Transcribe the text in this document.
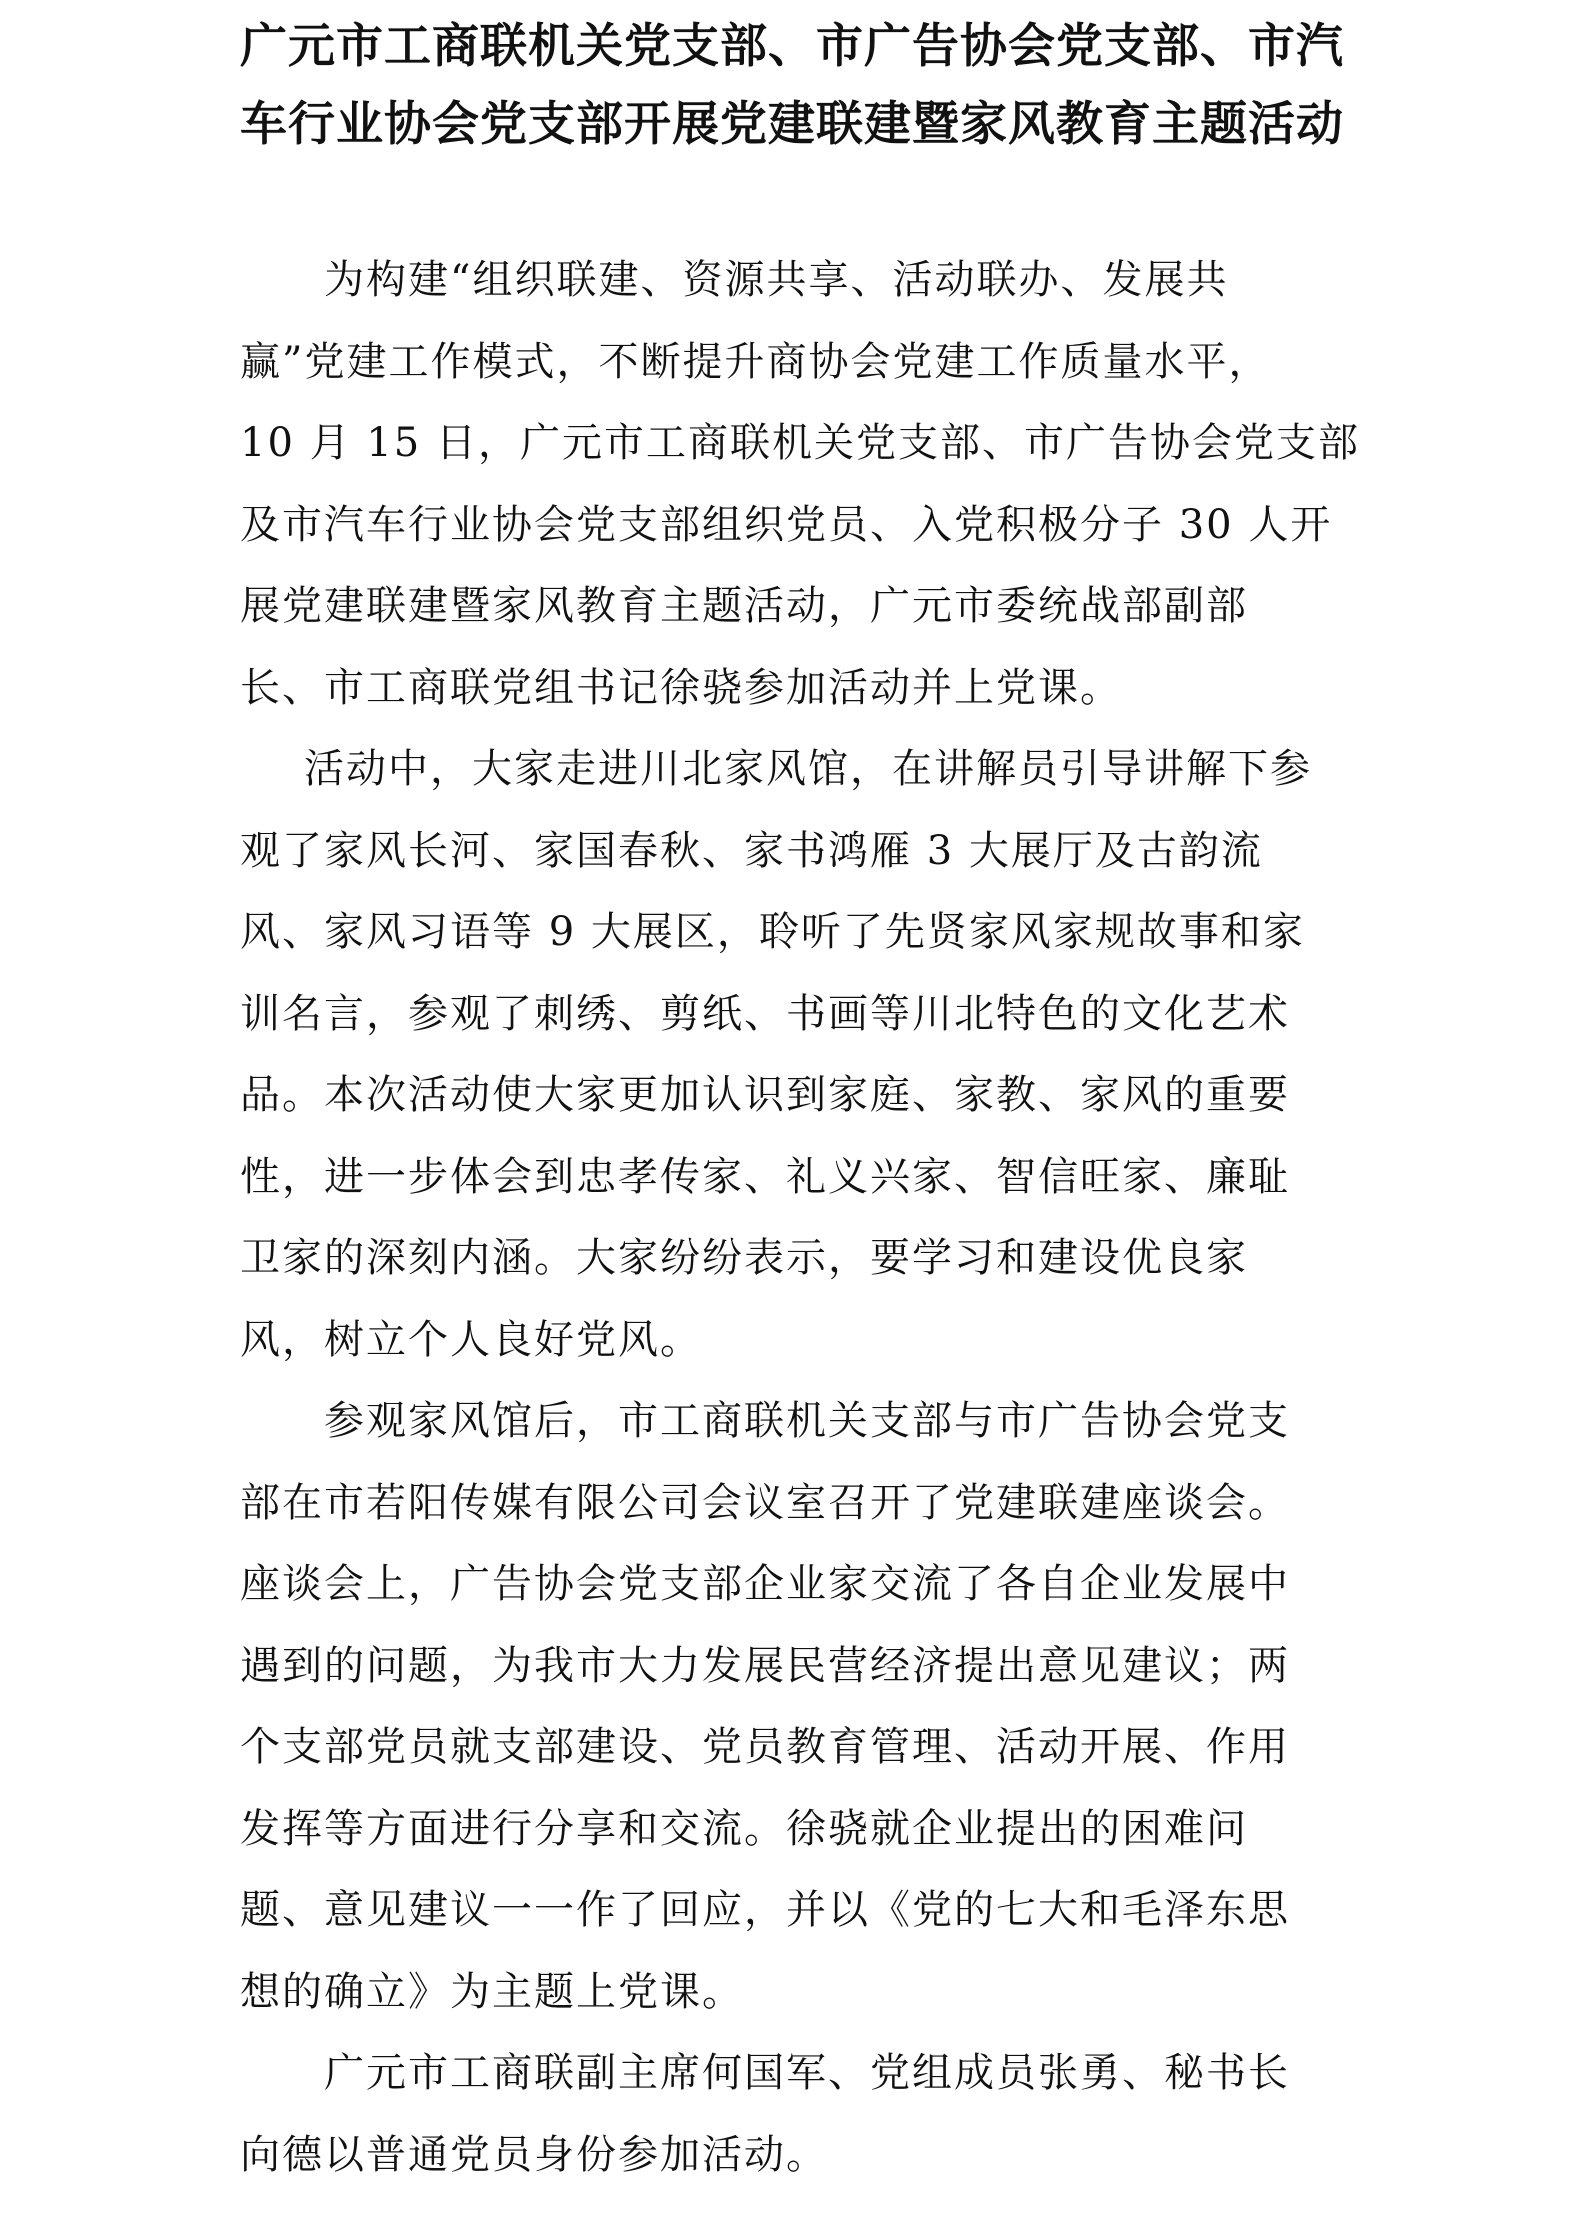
广元市工商联机关党支部、市广告协会党支部、市汽
车行业协会党支部开展党建联建暨家风教育主题活动
为构建“组织联建、资源共享、活动联办、发展共
赢”党建工作模式，不断提升商协会党建工作质量水平，
10 月 15 日，广元市工商联机关党支部、市广告协会党支部
及市汽车行业协会党支部组织党员、入党积极分子 30 人开
展党建联建暨家风教育主题活动，广元市委统战部副部
长、市工商联党组书记徐骁参加活动并上党课。
活动中，大家走进川北家风馆，在讲解员引导讲解下参
观了家风长河、家国春秋、家书鸿雁 3 大展厅及古韵流
风、家风习语等 9 大展区，聆听了先贤家风家规故事和家
训名言，参观了刺绣、剪纸、书画等川北特色的文化艺术
品。本次活动使大家更加认识到家庭、家教、家风的重要
性，进一步体会到忠孝传家、礼义兴家、智信旺家、廉耻
卫家的深刻内涵。大家纷纷表示，要学习和建设优良家
风，树立个人良好党风。
参观家风馆后，市工商联机关支部与市广告协会党支
部在市若阳传媒有限公司会议室召开了党建联建座谈会。
座谈会上，广告协会党支部企业家交流了各自企业发展中
遇到的问题，为我市大力发展民营经济提出意见建议；两
个支部党员就支部建设、党员教育管理、活动开展、作用
发挥等方面进行分享和交流。徐骁就企业提出的困难问
题、意见建议一一作了回应，并以《党的七大和毛泽东思
想的确立》为主题上党课。
广元市工商联副主席何国军、党组成员张勇、秘书长
向德以普通党员身份参加活动。
